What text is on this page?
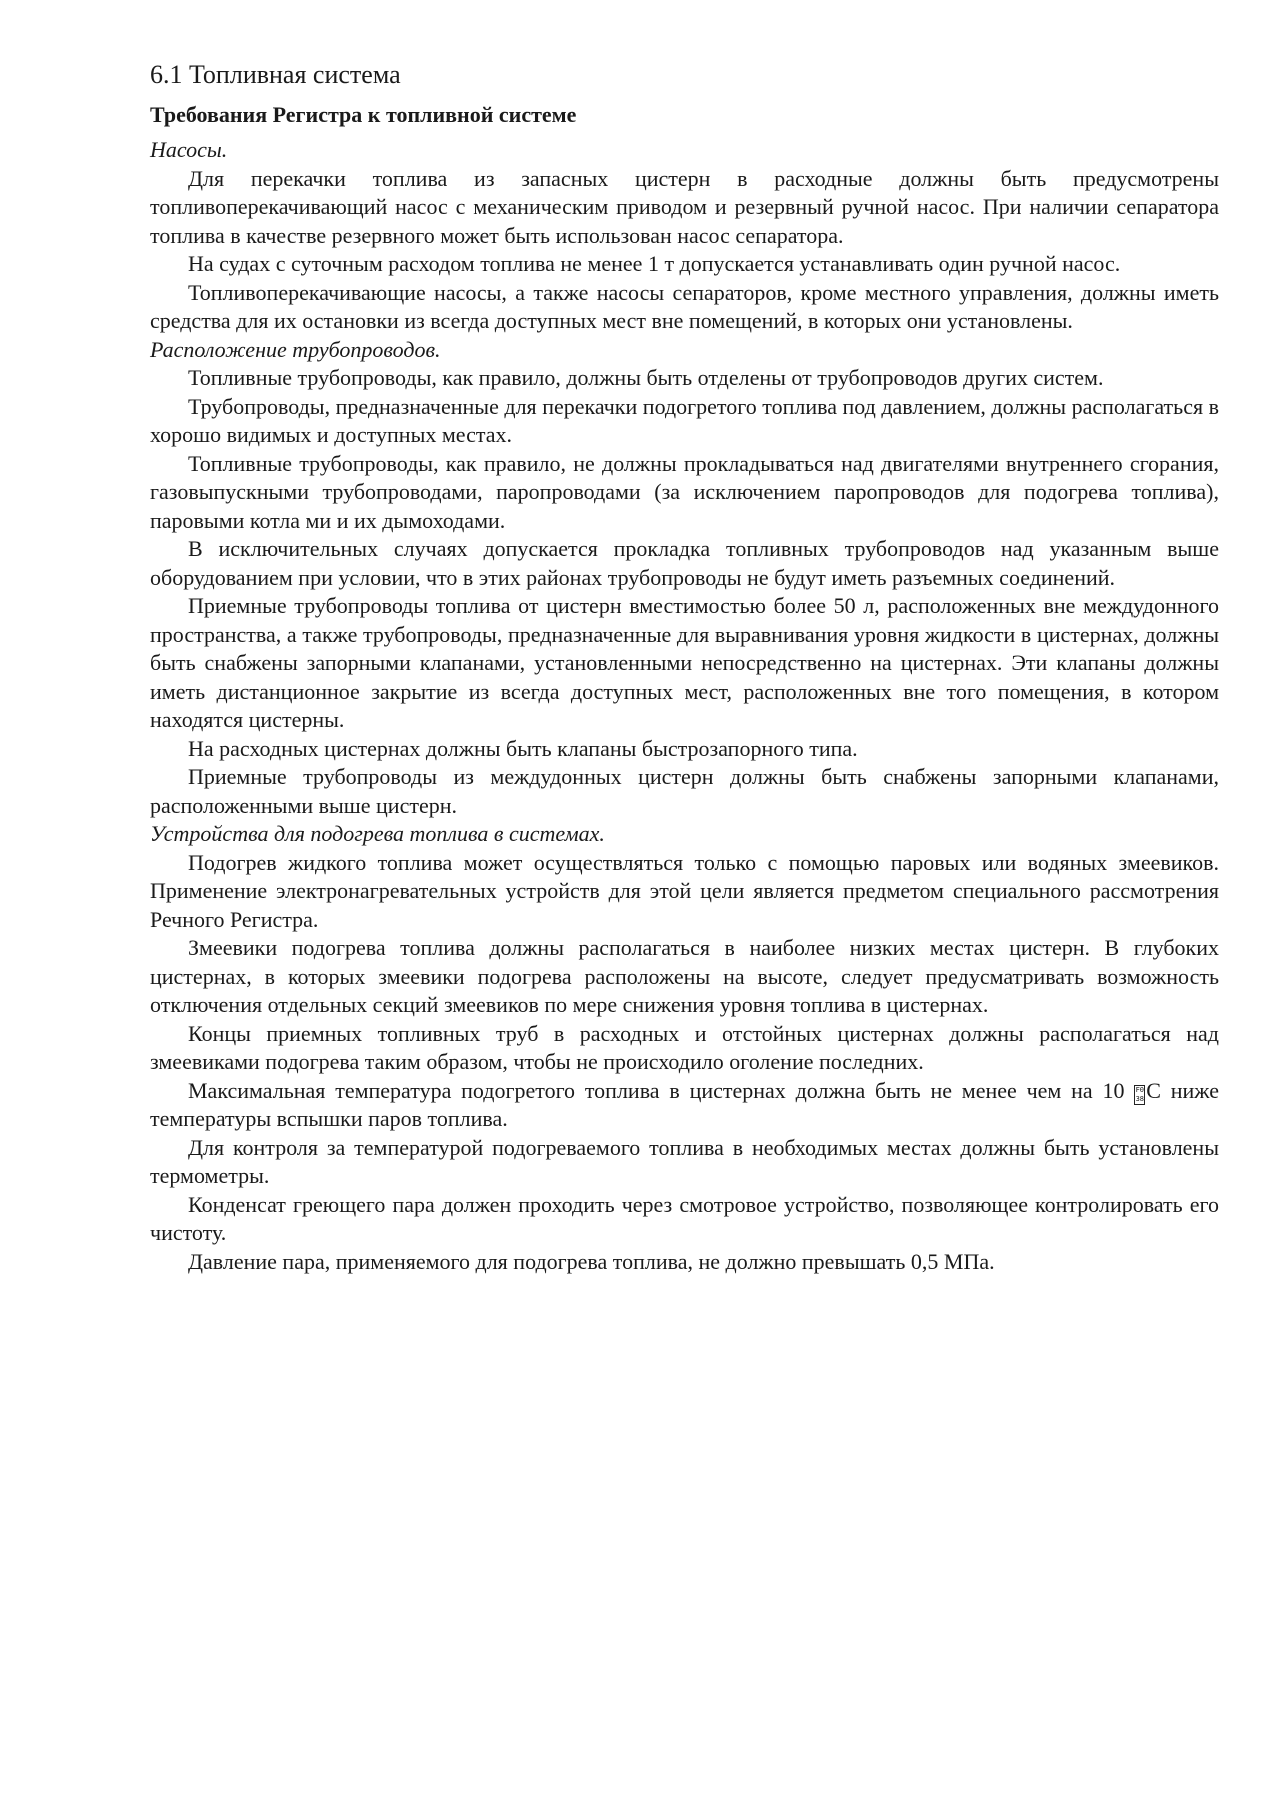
6.1 Топливная система
Требования Регистра к топливной системе
Насосы.

Для перекачки топлива из запасных цистерн в расходные должны быть предусмотрены топливоперекачивающий насос с механическим приводом и резервный ручной насос. При наличии сепаратора топлива в качестве резервного может быть использован насос сепаратора.

На судах с суточным расходом топлива не менее 1 т допускается устанавливать один ручной насос.

Топливоперекачивающие насосы, а также насосы сепараторов, кроме местного управления, должны иметь средства для их остановки из всегда доступных мест вне помещений, в которых они установлены.

Расположение трубопроводов.

Топливные трубопроводы, как правило, должны быть отделены от трубопроводов других систем.

Трубопроводы, предназначенные для перекачки подогретого топлива под давлением, должны располагаться в хорошо видимых и доступных местах.

Топливные трубопроводы, как правило, не должны прокладываться над двигателями внутреннего сгорания, газовыпускными трубопроводами, паропроводами (за исключением паропроводов для подогрева топлива), паровыми котла ми и их дымоходами.

В исключительных случаях допускается прокладка топливных трубопроводов над указанным выше оборудованием при условии, что в этих районах трубопроводы не будут иметь разъемных соединений.

Приемные трубопроводы топлива от цистерн вместимостью более 50 л, расположенных вне междудонного пространства, а также трубопроводы, предназначенные для выравнивания уровня жидкости в цистернах, должны быть снабжены запорными клапанами, установленными непосредственно на цистернах. Эти клапаны должны иметь дистанционное закрытие из всегда доступных мест, расположенных вне того помещения, в котором находятся цистерны.

На расходных цистернах должны быть клапаны быстрозапорного типа.

Приемные трубопроводы из междудонных цистерн должны быть снабжены запорными клапанами, расположенными выше цистерн.

Устройства для подогрева топлива в системах.

Подогрев жидкого топлива может осуществляться только с помощью паровых или водяных змеевиков. Применение электронагревательных устройств для этой цели является предметом специального рассмотрения Речного Регистра.

Змеевики подогрева топлива должны располагаться в наиболее низких местах цистерн. В глубоких цистернах, в которых змеевики подогрева расположены на высоте, следует предусматривать возможность отключения отдельных секций змеевиков по мере снижения уровня топлива в цистернах.

Концы приемных топливных труб в расходных и отстойных цистернах должны располагаться над змеевиками подогрева таким образом, чтобы не происходило оголение последних.

Максимальная температура подогретого топлива в цистернах должна быть не менее чем на 10 F0 38 С ниже температуры вспышки паров топлива.

Для контроля за температурой подогреваемого топлива в необходимых местах должны быть установлены термометры.

Конденсат греющего пара должен проходить через смотровое устройство, позволяющее контролировать его чистоту.

Давление пара, применяемого для подогрева топлива, не должно превышать 0,5 МПа.
